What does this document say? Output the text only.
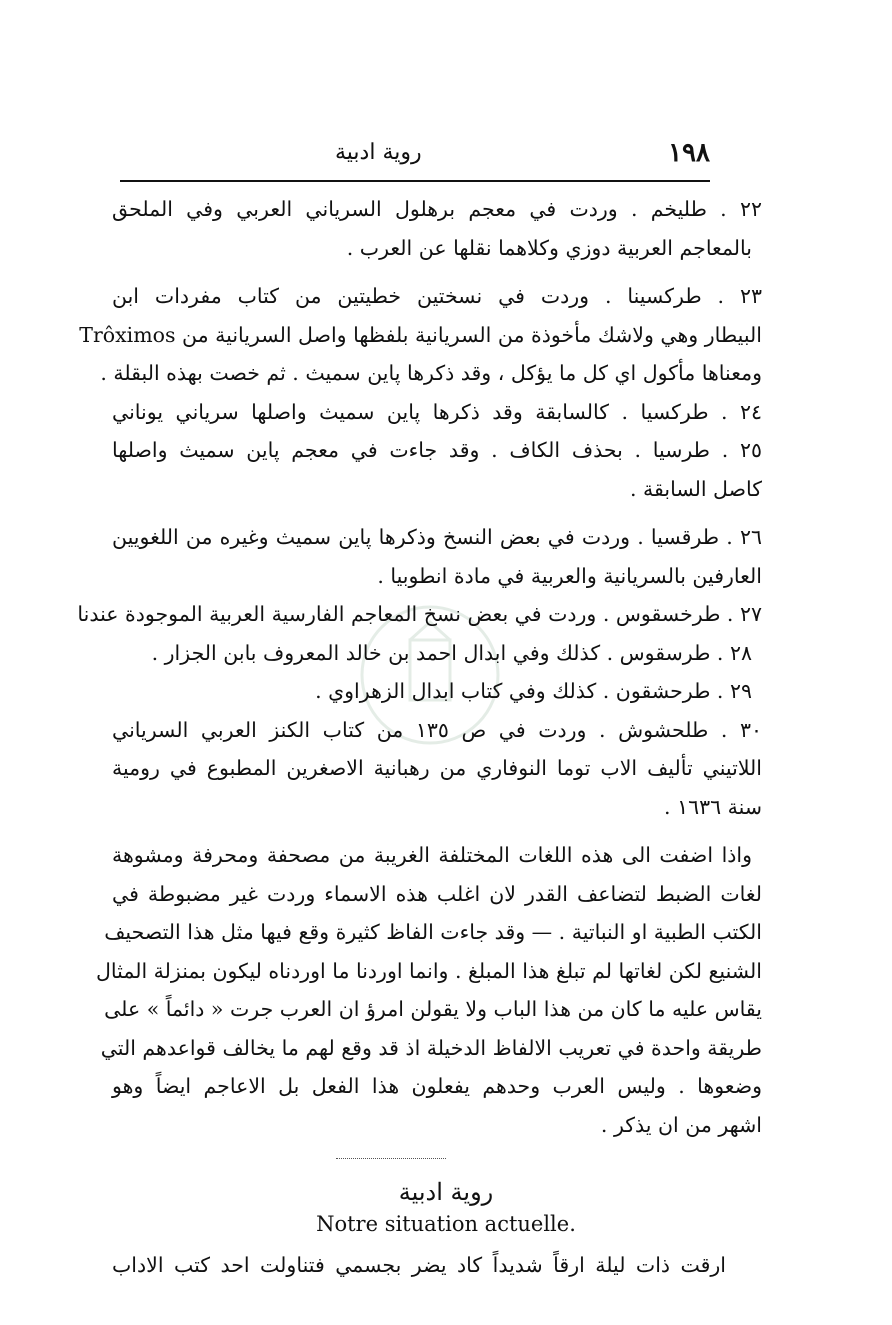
روية ادبية	١٩٨
٢٢ . طليخم . وردت في معجم برهلول السرياني العربي وفي الملحق
بالمعاجم العربية دوزي وكلاهما نقلها عن العرب .
٢٣ . طركسينا . وردت في نسختين خطيتين من كتاب مفردات ابن
البيطار وهي ولاشك مأخوذة من السريانية بلفظها واصل السريانية من Trôximos
ومعناها مأكول اي كل ما يؤكل ، وقد ذكرها پاين سميث . ثم خصت بهذه البقلة .
٢٤ . طركسيا . كالسابقة وقد ذكرها پاين سميث واصلها سرياني يوناني
٢٥ . طرسيا . بحذف الكاف . وقد جاءت في معجم پاين سميث واصلها
كاصل السابقة .
٢٦ . طرقسيا . وردت في بعض النسخ وذكرها پاين سميث وغيره من اللغويين
العارفين بالسريانية والعربية في مادة انطوبيا .
٢٧ . طرخسقوس . وردت في بعض نسخ المعاجم الفارسية العربية الموجودة عندنا
٢٨ . طرسقوس . كذلك وفي ابدال احمد بن خالد المعروف بابن الجزار .
٢٩ . طرحشقون . كذلك وفي كتاب ابدال الزهراوي .
٣٠ . طلحشوش . وردت في ص ١٣٥ من كتاب الكنز العربي السرياني
اللاتيني تأليف الاب توما النوفاري من رهبانية الاصغرين المطبوع في رومية
سنة ١٦٣٦ .
واذا اضفت الى هذه اللغات المختلفة الغريبة من مصحفة ومحرفة ومشوهة
لغات الضبط لتضاعف القدر لان اغلب هذه الاسماء وردت غير مضبوطة في
الكتب الطبية او النباتية . — وقد جاءت الفاظ كثيرة وقع فيها مثل هذا التصحيف
الشنيع لكن لغاتها لم تبلغ هذا المبلغ . وانما اوردنا ما اوردناه ليكون بمنزلة المثال
يقاس عليه ما كان من هذا الباب ولا يقولن امرؤ ان العرب جرت « دائماً » على
طريقة واحدة في تعريب الالفاظ الدخيلة اذ قد وقع لهم ما يخالف قواعدهم التي
وضعوها . وليس العرب وحدهم يفعلون هذا الفعل بل الاعاجم ايضاً وهو
اشهر من ان يذكر .
روية ادبية
Notre situation actuelle.
ارقت ذات ليلة ارقاً شديداً كاد يضر بجسمي فتناولت احد كتب الاداب
